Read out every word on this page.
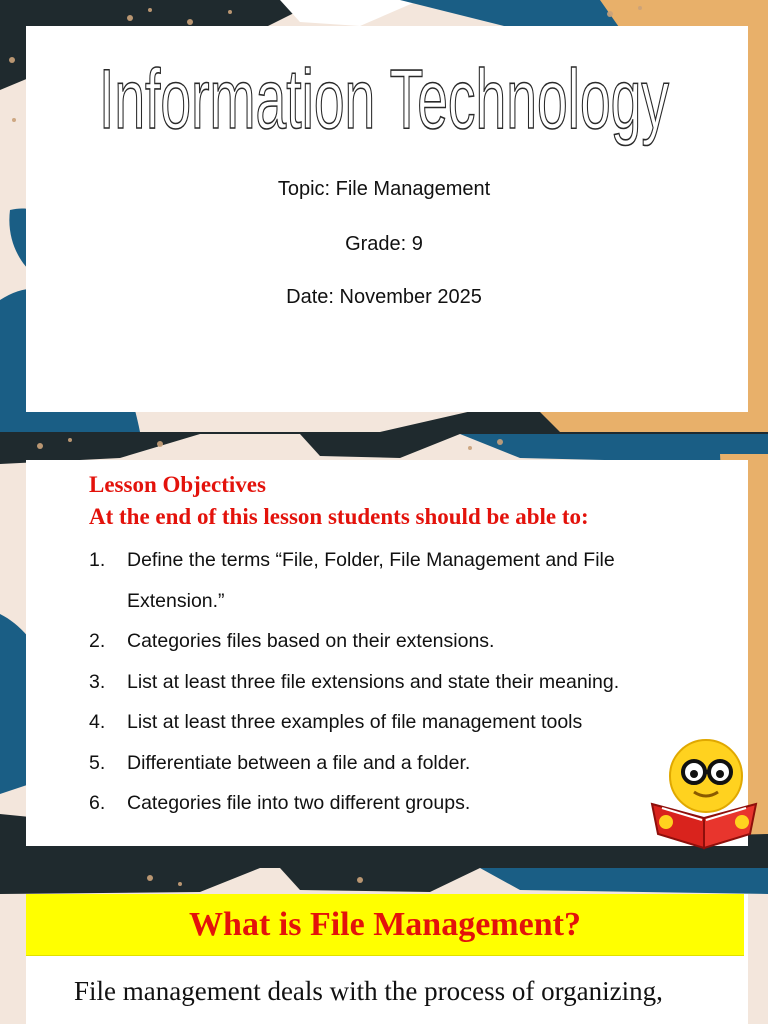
Information Technology
Topic: File Management
Grade: 9
Date: November 2025
Lesson Objectives
At the end of this lesson students should be able to:
1. Define the terms “File, Folder, File Management and File Extension.”
2. Categories files based on their extensions.
3. List at least three file extensions and state their meaning.
4. List at least three examples of file management tools
5. Differentiate between a file and a folder.
6. Categories file into two different groups.
What is File Management?
File management deals with the process of organizing,
